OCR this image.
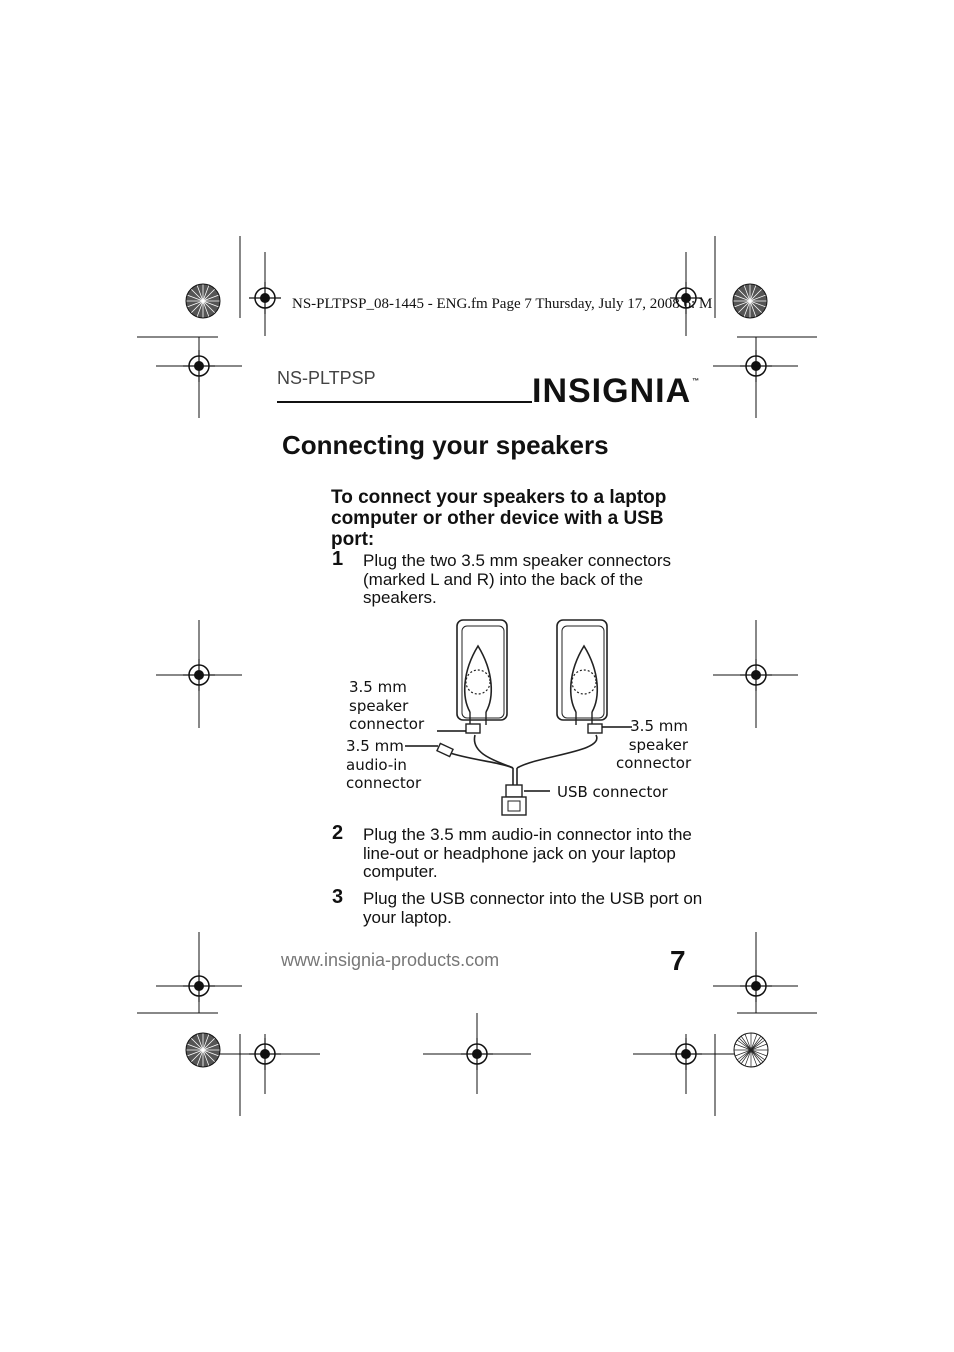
NS-PLTPSP_08-1445 - ENG.fm Page 7 Thursday, July 17, 2008 6: M
NS-PLTPSP	INSIGNIA™
Connecting your speakers
To connect your speakers to a laptop computer or other device with a USB port:
1 Plug the two 3.5 mm speaker connectors (marked L and R) into the back of the speakers.
3.5 mm
speaker
connector
3.5 mm
audio-in
connector
3.5 mm
speaker
connector
USB connector
2 Plug the 3.5 mm audio-in connector into the line-out or headphone jack on your laptop computer.
3 Plug the USB connector into the USB port on your laptop.
www.insignia-products.com	7
